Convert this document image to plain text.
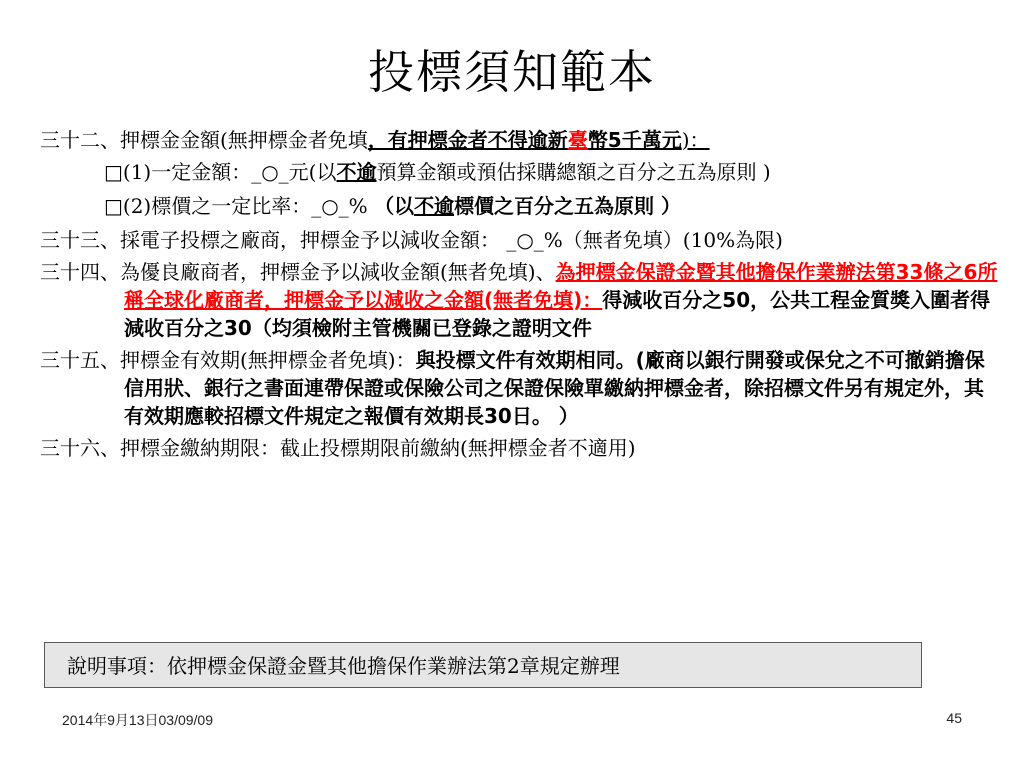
投標須知範本
三十二、押標金金額(無押標金者免填，有押標金者不得逾新臺幣5千萬元)：
□(1)一定金額：_○_元(以不逾預算金額或預估採購總額之百分之五為原則 )
□(2)標價之一定比率：_○_% （以不逾標價之百分之五為原則 ）
三十三、採電子投標之廠商，押標金予以減收金額： _○_%（無者免填）(10%為限)
三十四、為優良廠商者，押標金予以減收金額(無者免填)、為押標金保證金暨其他擔保作業辦法第33條之6所稱全球化廠商者，押標金予以減收之金額(無者免填)：得減收百分之50，公共工程金質獎入圍者得減收百分之30（均須檢附主管機關已登錄之證明文件
三十五、押標金有效期(無押標金者免填)：與投標文件有效期相同。(廠商以銀行開發或保兌之不可撤銷擔保信用狀、銀行之書面連帶保證或保險公司之保證保險單繳納押標金者，除招標文件另有規定外，其有效期應較招標文件規定之報價有效期長30日。 ）
三十六、押標金繳納期限：截止投標期限前繳納(無押標金者不適用)
說明事項：依押標金保證金暨其他擔保作業辦法第2章規定辦理
2014年9月13日03/09/09	45
